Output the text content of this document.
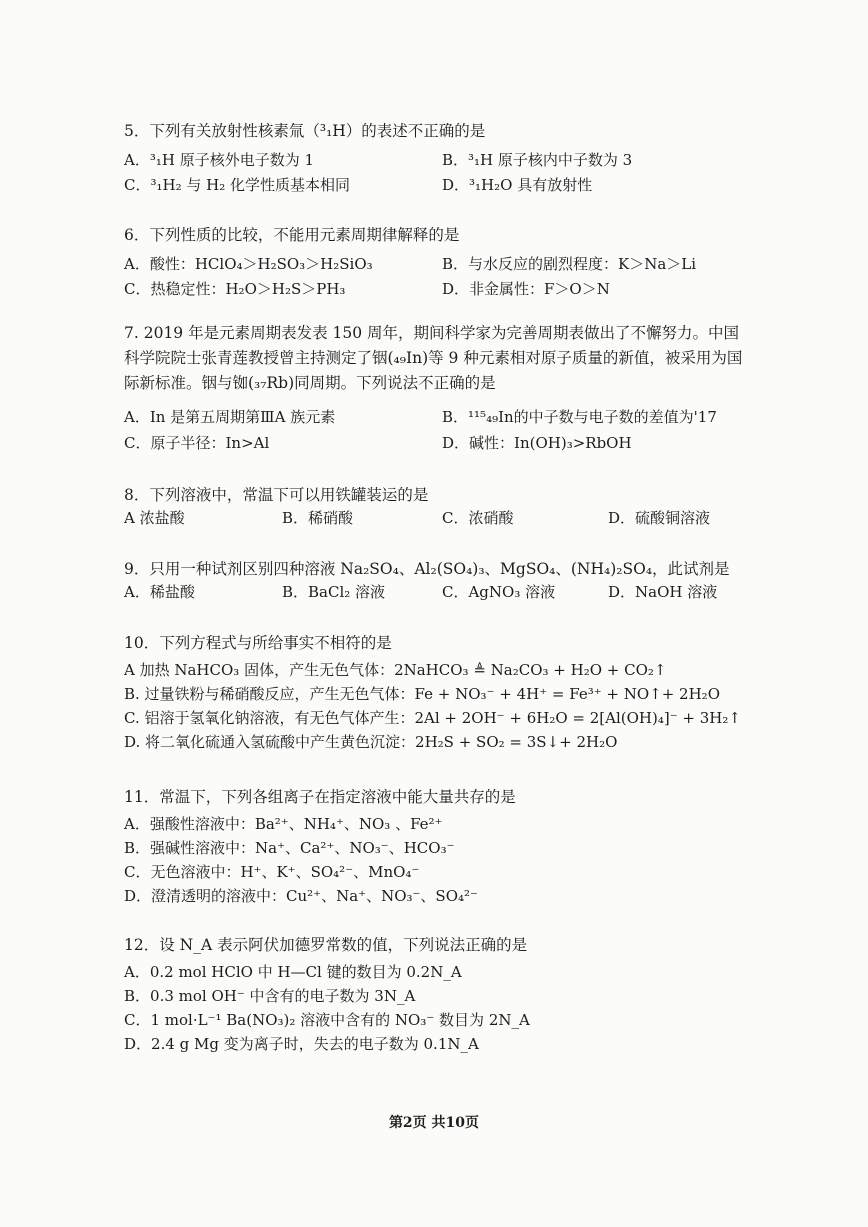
5．下列有关放射性核素氚（³₁H）的表述不正确的是
A．³₁H 原子核外电子数为 1	B．³₁H 原子核内中子数为 3
C．³₁H₂ 与 H₂ 化学性质基本相同	D．³₁H₂O 具有放射性
6．下列性质的比较，不能用元素周期律解释的是
A．酸性：HClO₄＞H₂SO₃＞H₂SiO₃	B．与水反应的剧烈程度：K＞Na＞Li
C．热稳定性：H₂O＞H₂S＞PH₃	D．非金属性：F＞O＞N
7. 2019 年是元素周期表发表 150 周年，期间科学家为完善周期表做出了不懈努力。中国科学院院士张青莲教授曾主持测定了铟(₄₉In)等 9 种元素相对原子质量的新值，被采用为国际新标准。铟与铷(₃₇Rb)同周期。下列说法不正确的是
A．In 是第五周期第ⅢA 族元素	B．¹¹⁵₄₉In的中子数与电子数的差值为'17
C．原子半径：In>Al	D．碱性：In(OH)₃>RbOH
8．下列溶液中，常温下可以用铁罐装运的是
A 浓盐酸	B．稀硝酸	C．浓硝酸	D．硫酸铜溶液
9．只用一种试剂区别四种溶液 Na₂SO₄、Al₂(SO₄)₃、MgSO₄、(NH₄)₂SO₄，此试剂是
A．稀盐酸	B．BaCl₂ 溶液	C．AgNO₃ 溶液	D．NaOH 溶液
10．下列方程式与所给事实不相符的是
A 加热 NaHCO₃ 固体，产生无色气体：2NaHCO₃ ≜ Na₂CO₃ + H₂O + CO₂↑
B. 过量铁粉与稀硝酸反应，产生无色气体：Fe + NO₃⁻ + 4H⁺ = Fe³⁺ + NO↑+ 2H₂O
C. 铝溶于氢氧化钠溶液，有无色气体产生：2Al + 2OH⁻ + 6H₂O = 2[Al(OH)₄]⁻ + 3H₂↑
D. 将二氧化硫通入氢硫酸中产生黄色沉淀：2H₂S + SO₂ = 3S↓+ 2H₂O
11．常温下，下列各组离子在指定溶液中能大量共存的是
A．强酸性溶液中：Ba²⁺、NH₄⁺、NO₃ 、Fe²⁺
B．强碱性溶液中：Na⁺、Ca²⁺、NO₃⁻、HCO₃⁻
C．无色溶液中：H⁺、K⁺、SO₄²⁻、MnO₄⁻
D．澄清透明的溶液中：Cu²⁺、Na⁺、NO₃⁻、SO₄²⁻
12．设 N_A 表示阿伏加德罗常数的值，下列说法正确的是
A．0.2 mol HClO 中 H—Cl 键的数目为 0.2N_A
B．0.3 mol OH⁻ 中含有的电子数为 3N_A
C．1 mol·L⁻¹ Ba(NO₃)₂ 溶液中含有的 NO₃⁻ 数目为 2N_A
D．2.4 g Mg 变为离子时，失去的电子数为 0.1N_A
第2页 共10页
